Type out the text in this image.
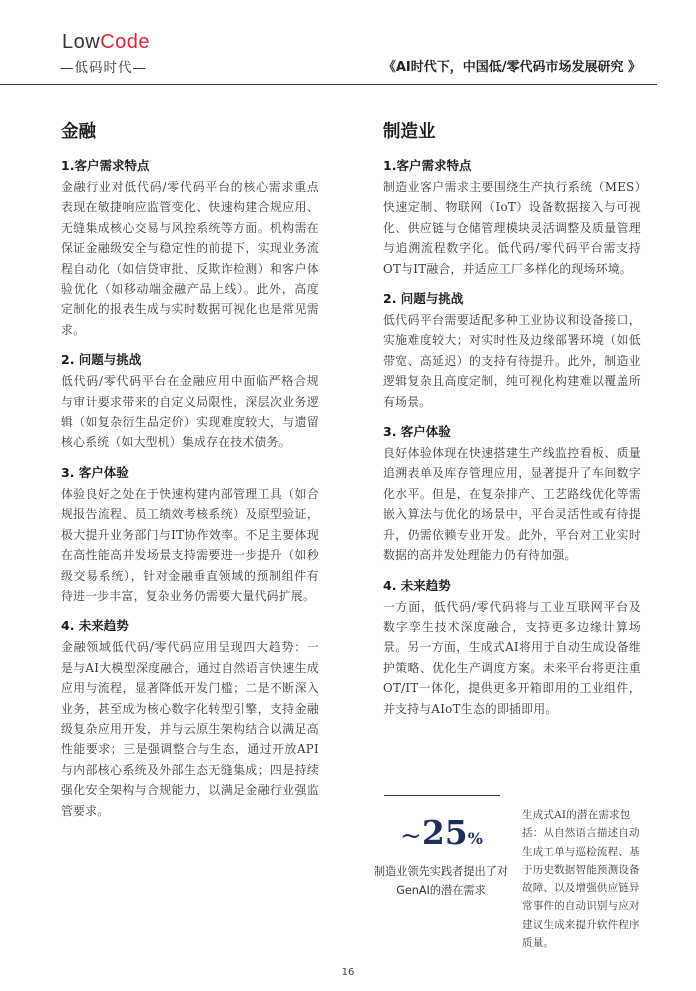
LowCode
—低码时代—	《AI时代下，中国低/零代码市场发展研究 》
金融
1.客户需求特点
金融行业对低代码/零代码平台的核心需求重点表现在敏捷响应监管变化、快速构建合规应用、无缝集成核心交易与风控系统等方面。机构需在保证金融级安全与稳定性的前提下，实现业务流程自动化（如信贷审批、反欺诈检测）和客户体验优化（如移动端金融产品上线）。此外，高度定制化的报表生成与实时数据可视化也是常见需求。
2. 问题与挑战
低代码/零代码平台在金融应用中面临严格合规与审计要求带来的自定义局限性，深层次业务逻辑（如复杂衍生品定价）实现难度较大，与遗留核心系统（如大型机）集成存在技术债务。
3. 客户体验
体验良好之处在于快速构建内部管理工具（如合规报告流程、员工绩效考核系统）及原型验证，极大提升业务部门与IT协作效率。不足主要体现在高性能高并发场景支持需要进一步提升（如秒级交易系统），针对金融垂直领域的预制组件有待进一步丰富，复杂业务仍需要大量代码扩展。
4. 未来趋势
金融领域低代码/零代码应用呈现四大趋势：一是与AI大模型深度融合，通过自然语言快速生成应用与流程，显著降低开发门槛；二是不断深入业务，甚至成为核心数字化转型引擎，支持金融级复杂应用开发，并与云原生架构结合以满足高性能要求；三是强调整合与生态，通过开放API与内部核心系统及外部生态无缝集成；四是持续强化安全架构与合规能力，以满足金融行业强监管要求。
制造业
1.客户需求特点
制造业客户需求主要围绕生产执行系统（MES）快速定制、物联网（IoT）设备数据接入与可视化、供应链与仓储管理模块灵活调整及质量管理与追溯流程数字化。低代码/零代码平台需支持OT与IT融合，并适应工厂多样化的现场环境。
2. 问题与挑战
低代码平台需要适配多种工业协议和设备接口，实施难度较大；对实时性及边缘部署环境（如低带宽、高延迟）的支持有待提升。此外，制造业逻辑复杂且高度定制，纯可视化构建难以覆盖所有场景。
3. 客户体验
良好体验体现在快速搭建生产线监控看板、质量追溯表单及库存管理应用，显著提升了车间数字化水平。但是，在复杂排产、工艺路线优化等需嵌入算法与优化的场景中，平台灵活性或有待提升，仍需依赖专业开发。此外，平台对工业实时数据的高并发处理能力仍有待加强。
4. 未来趋势
一方面，低代码/零代码将与工业互联网平台及数字孪生技术深度融合，支持更多边缘计算场景。另一方面，生成式AI将用于自动生成设备维护策略、优化生产调度方案。未来平台将更注重OT/IT一体化，提供更多开箱即用的工业组件，并支持与AIoT生态的即插即用。
~25%
制造业领先实践者提出了对GenAI的潜在需求
生成式AI的潜在需求包括：从自然语言描述自动生成工单与巡检流程、基于历史数据智能预测设备故障、以及增强供应链异常事件的自动识别与应对建议生成来提升软件程序质量。
16
